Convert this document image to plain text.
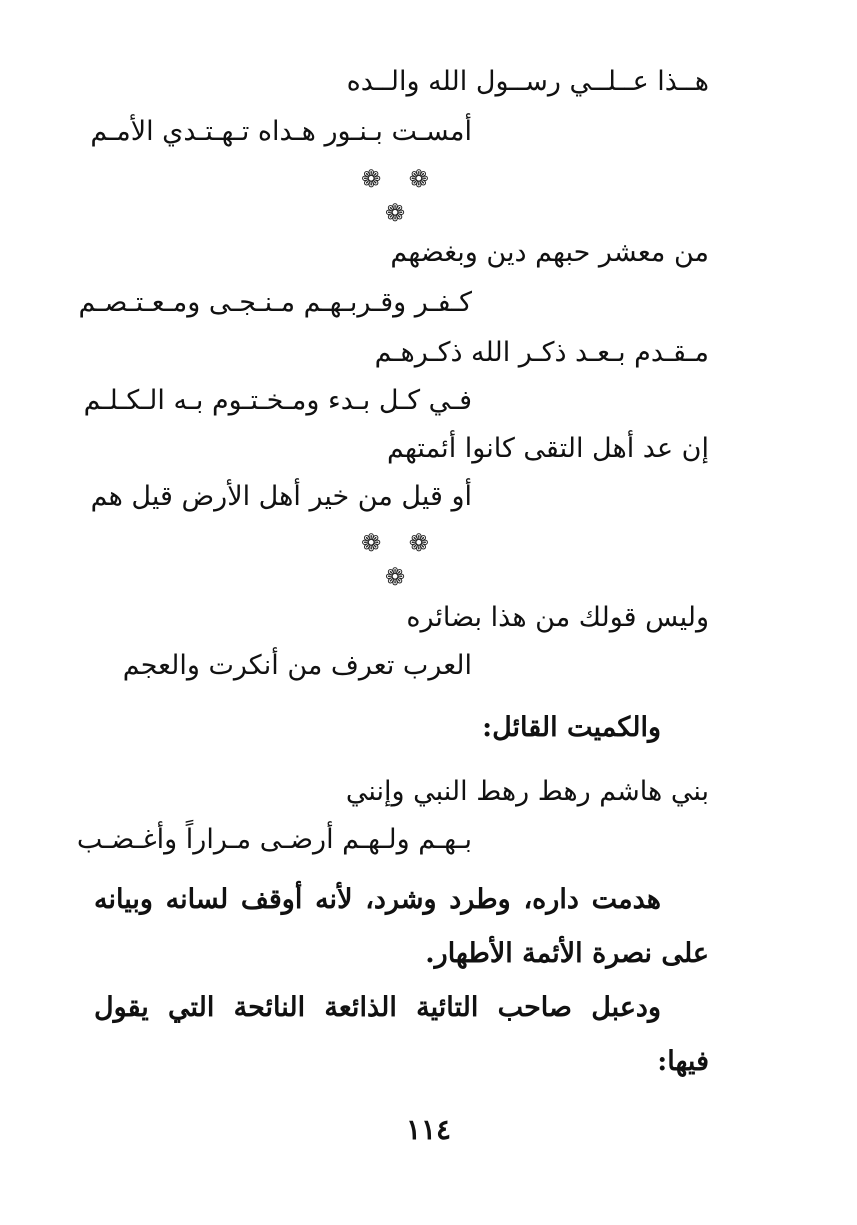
هــذا عــلــي رســول الله والــده

أمسـت بـنـور هـداه تـهـتـدي الأمـم

❁ ❁ ❁

من معشر حبهم دين وبغضهم

كـفـر وقـربـهـم مـنـجـى ومـعـتـصـم

مـقـدم بـعـد ذكـر الله ذكـرهـم

فـي كـل بـدء ومـخـتـوم بـه الـكـلـم

إن عد أهل التقى كانوا أئمتهم

أو قيل من خير أهل الأرض قيل هم

❁ ❁ ❁

وليس قولك من هذا بضائره

العرب تعرف من أنكرت والعجم

والكميت القائل:

بني هاشم رهط رهط النبي وإنني

بـهـم ولـهـم أرضـى مـراراً وأغـضـب

هدمت داره، وطرد وشرد، لأنه أوقف لسانه وبيانه على نصرة الأئمة الأطهار.

ودعبل صاحب التائية الذائعة النائحة التي يقول فيها:

١١٤
